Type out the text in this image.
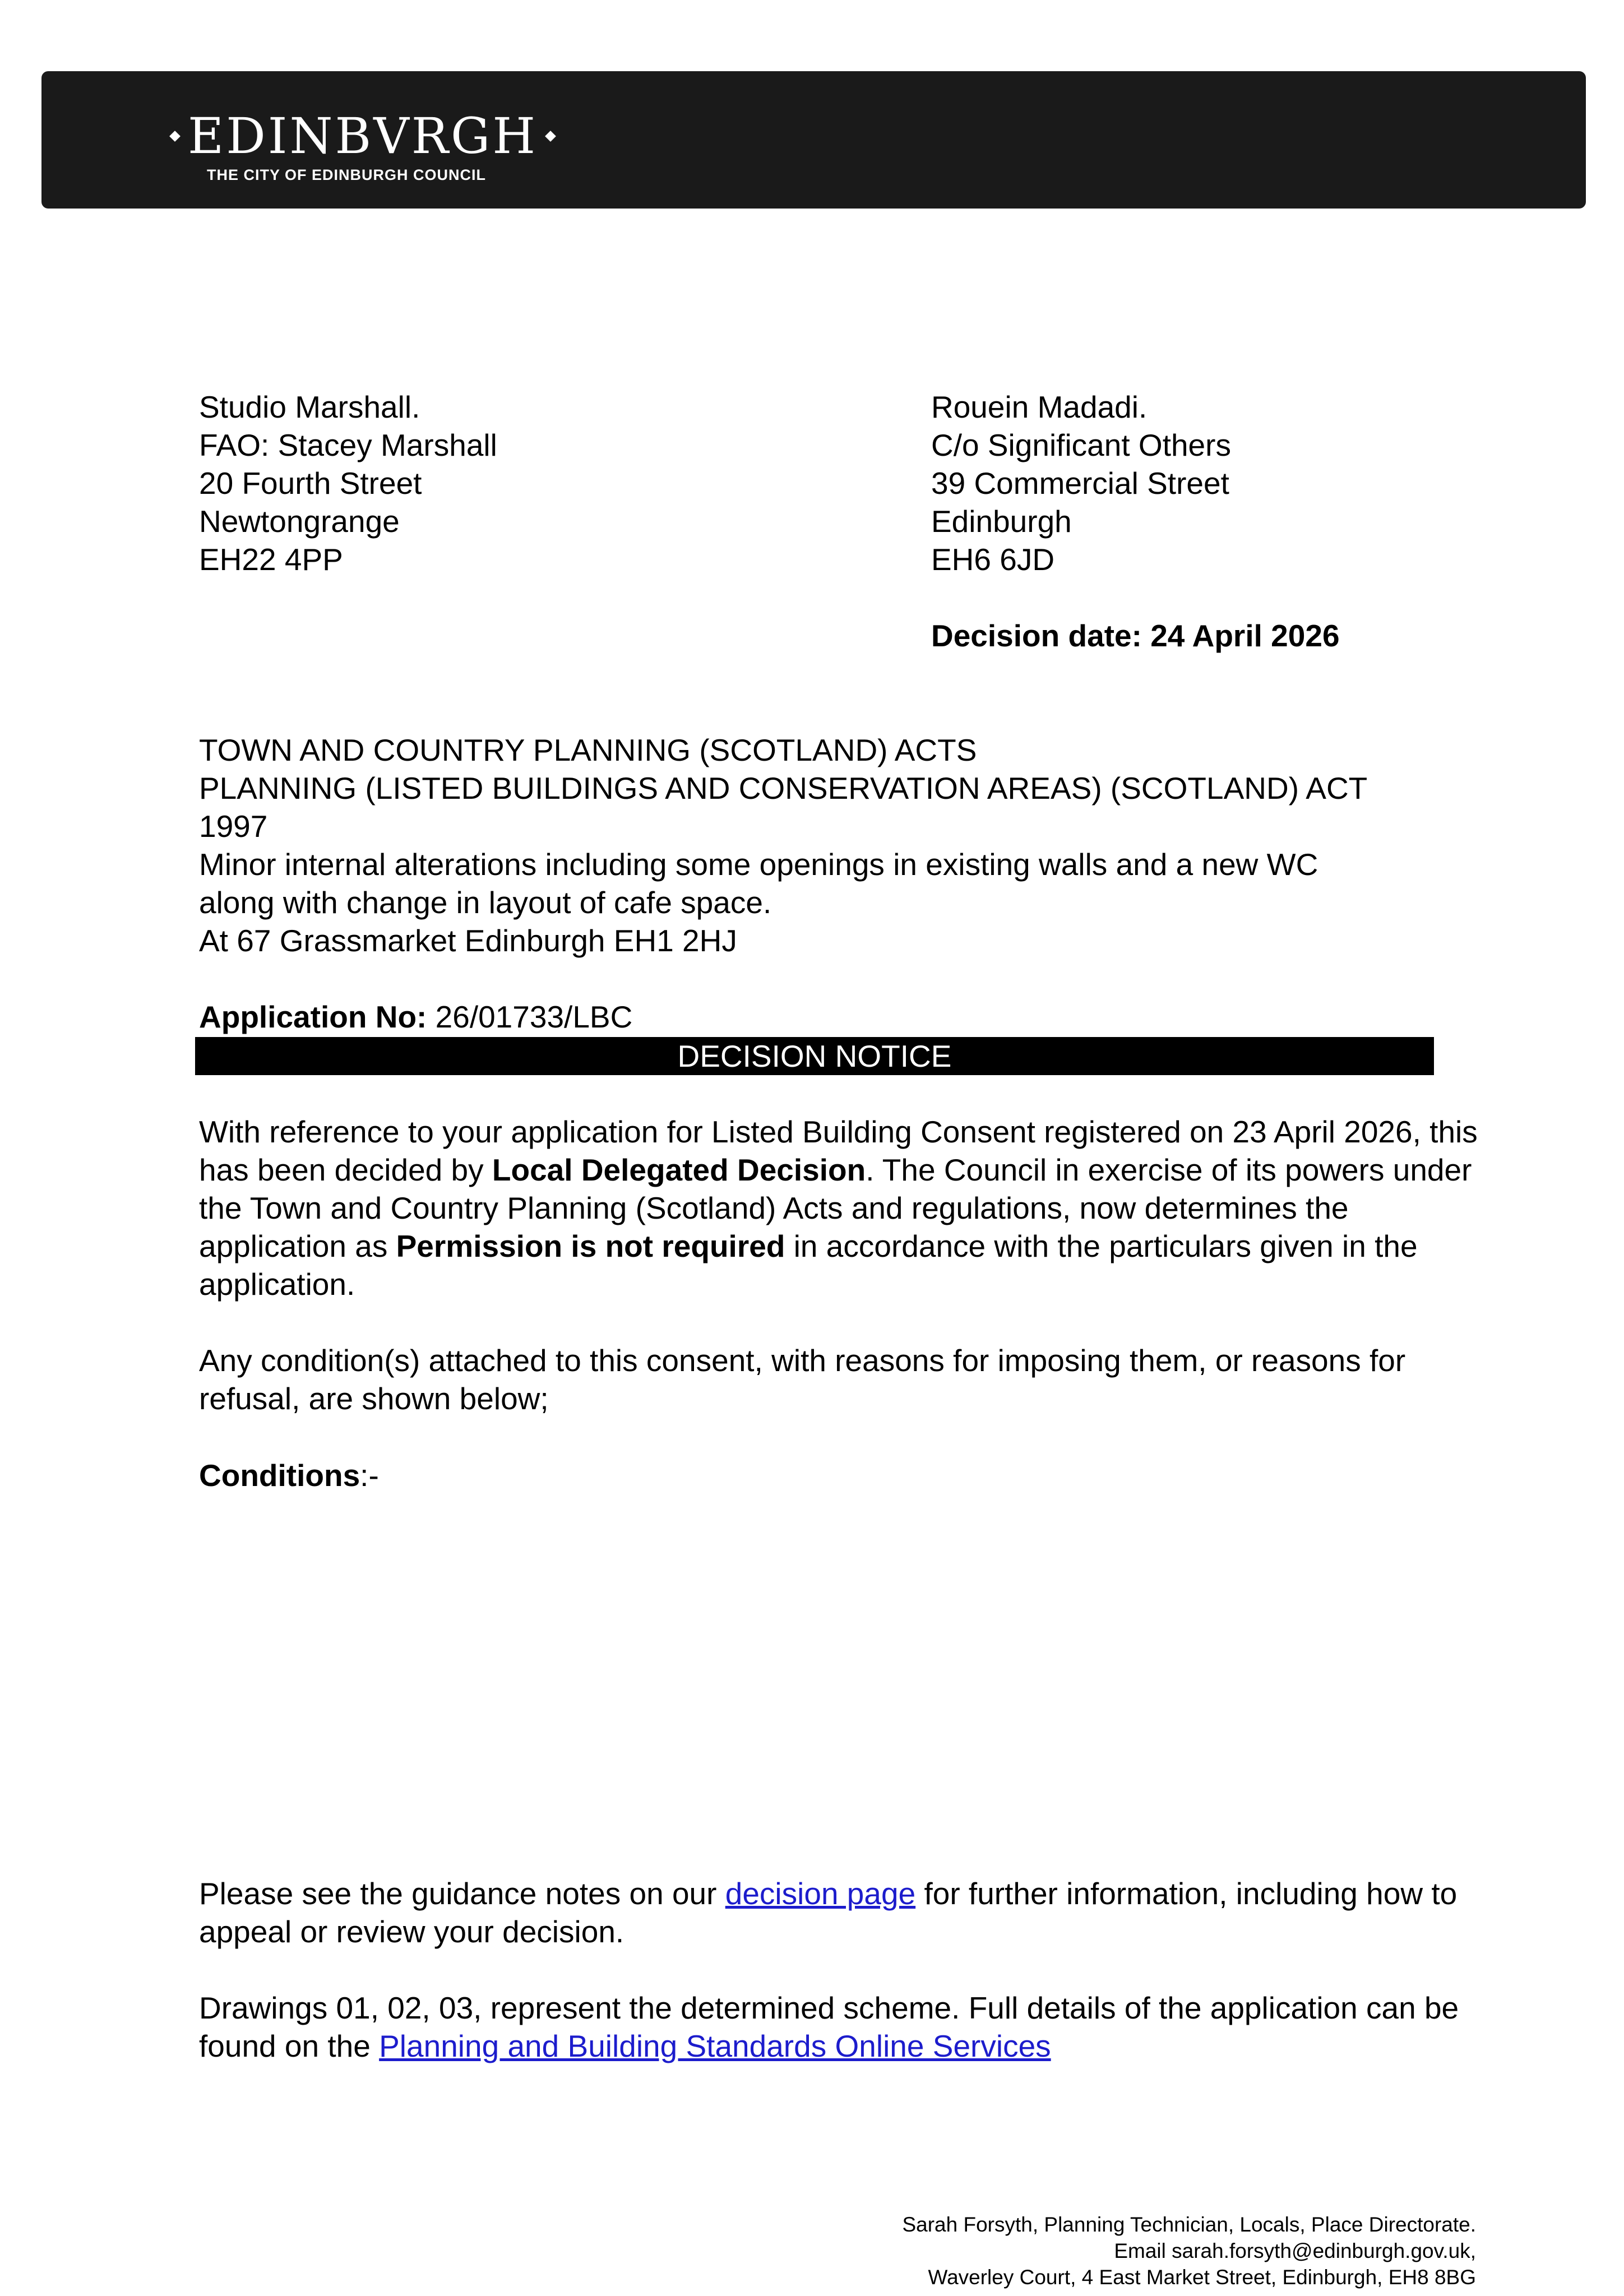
EDINBVRGH
THE CITY OF EDINBURGH COUNCIL
Studio Marshall.
FAO: Stacey Marshall
20 Fourth Street
Newtongrange
EH22 4PP
Rouein Madadi.
C/o Significant Others
39 Commercial Street
Edinburgh
EH6 6JD
Decision date: 24 April 2026
TOWN AND COUNTRY PLANNING (SCOTLAND) ACTS
PLANNING (LISTED BUILDINGS AND CONSERVATION AREAS) (SCOTLAND) ACT
1997
Minor internal alterations including some openings in existing walls and a new WC
along with change in layout of cafe space.
At 67 Grassmarket Edinburgh EH1 2HJ
Application No: 26/01733/LBC
DECISION NOTICE
With reference to your application for Listed Building Consent registered on 23 April 2026, this has been decided by Local Delegated Decision. The Council in exercise of its powers under the Town and Country Planning (Scotland) Acts and regulations, now determines the application as Permission is not required in accordance with the particulars given in the application.
Any condition(s) attached to this consent, with reasons for imposing them, or reasons for refusal, are shown below;
Conditions:-
Please see the guidance notes on our decision page for further information, including how to appeal or review your decision.
Drawings 01, 02, 03, represent the determined scheme. Full details of the application can be found on the Planning and Building Standards Online Services
Sarah Forsyth, Planning Technician, Locals, Place Directorate.
Email sarah.forsyth@edinburgh.gov.uk,
Waverley Court, 4 East Market Street, Edinburgh, EH8 8BG
